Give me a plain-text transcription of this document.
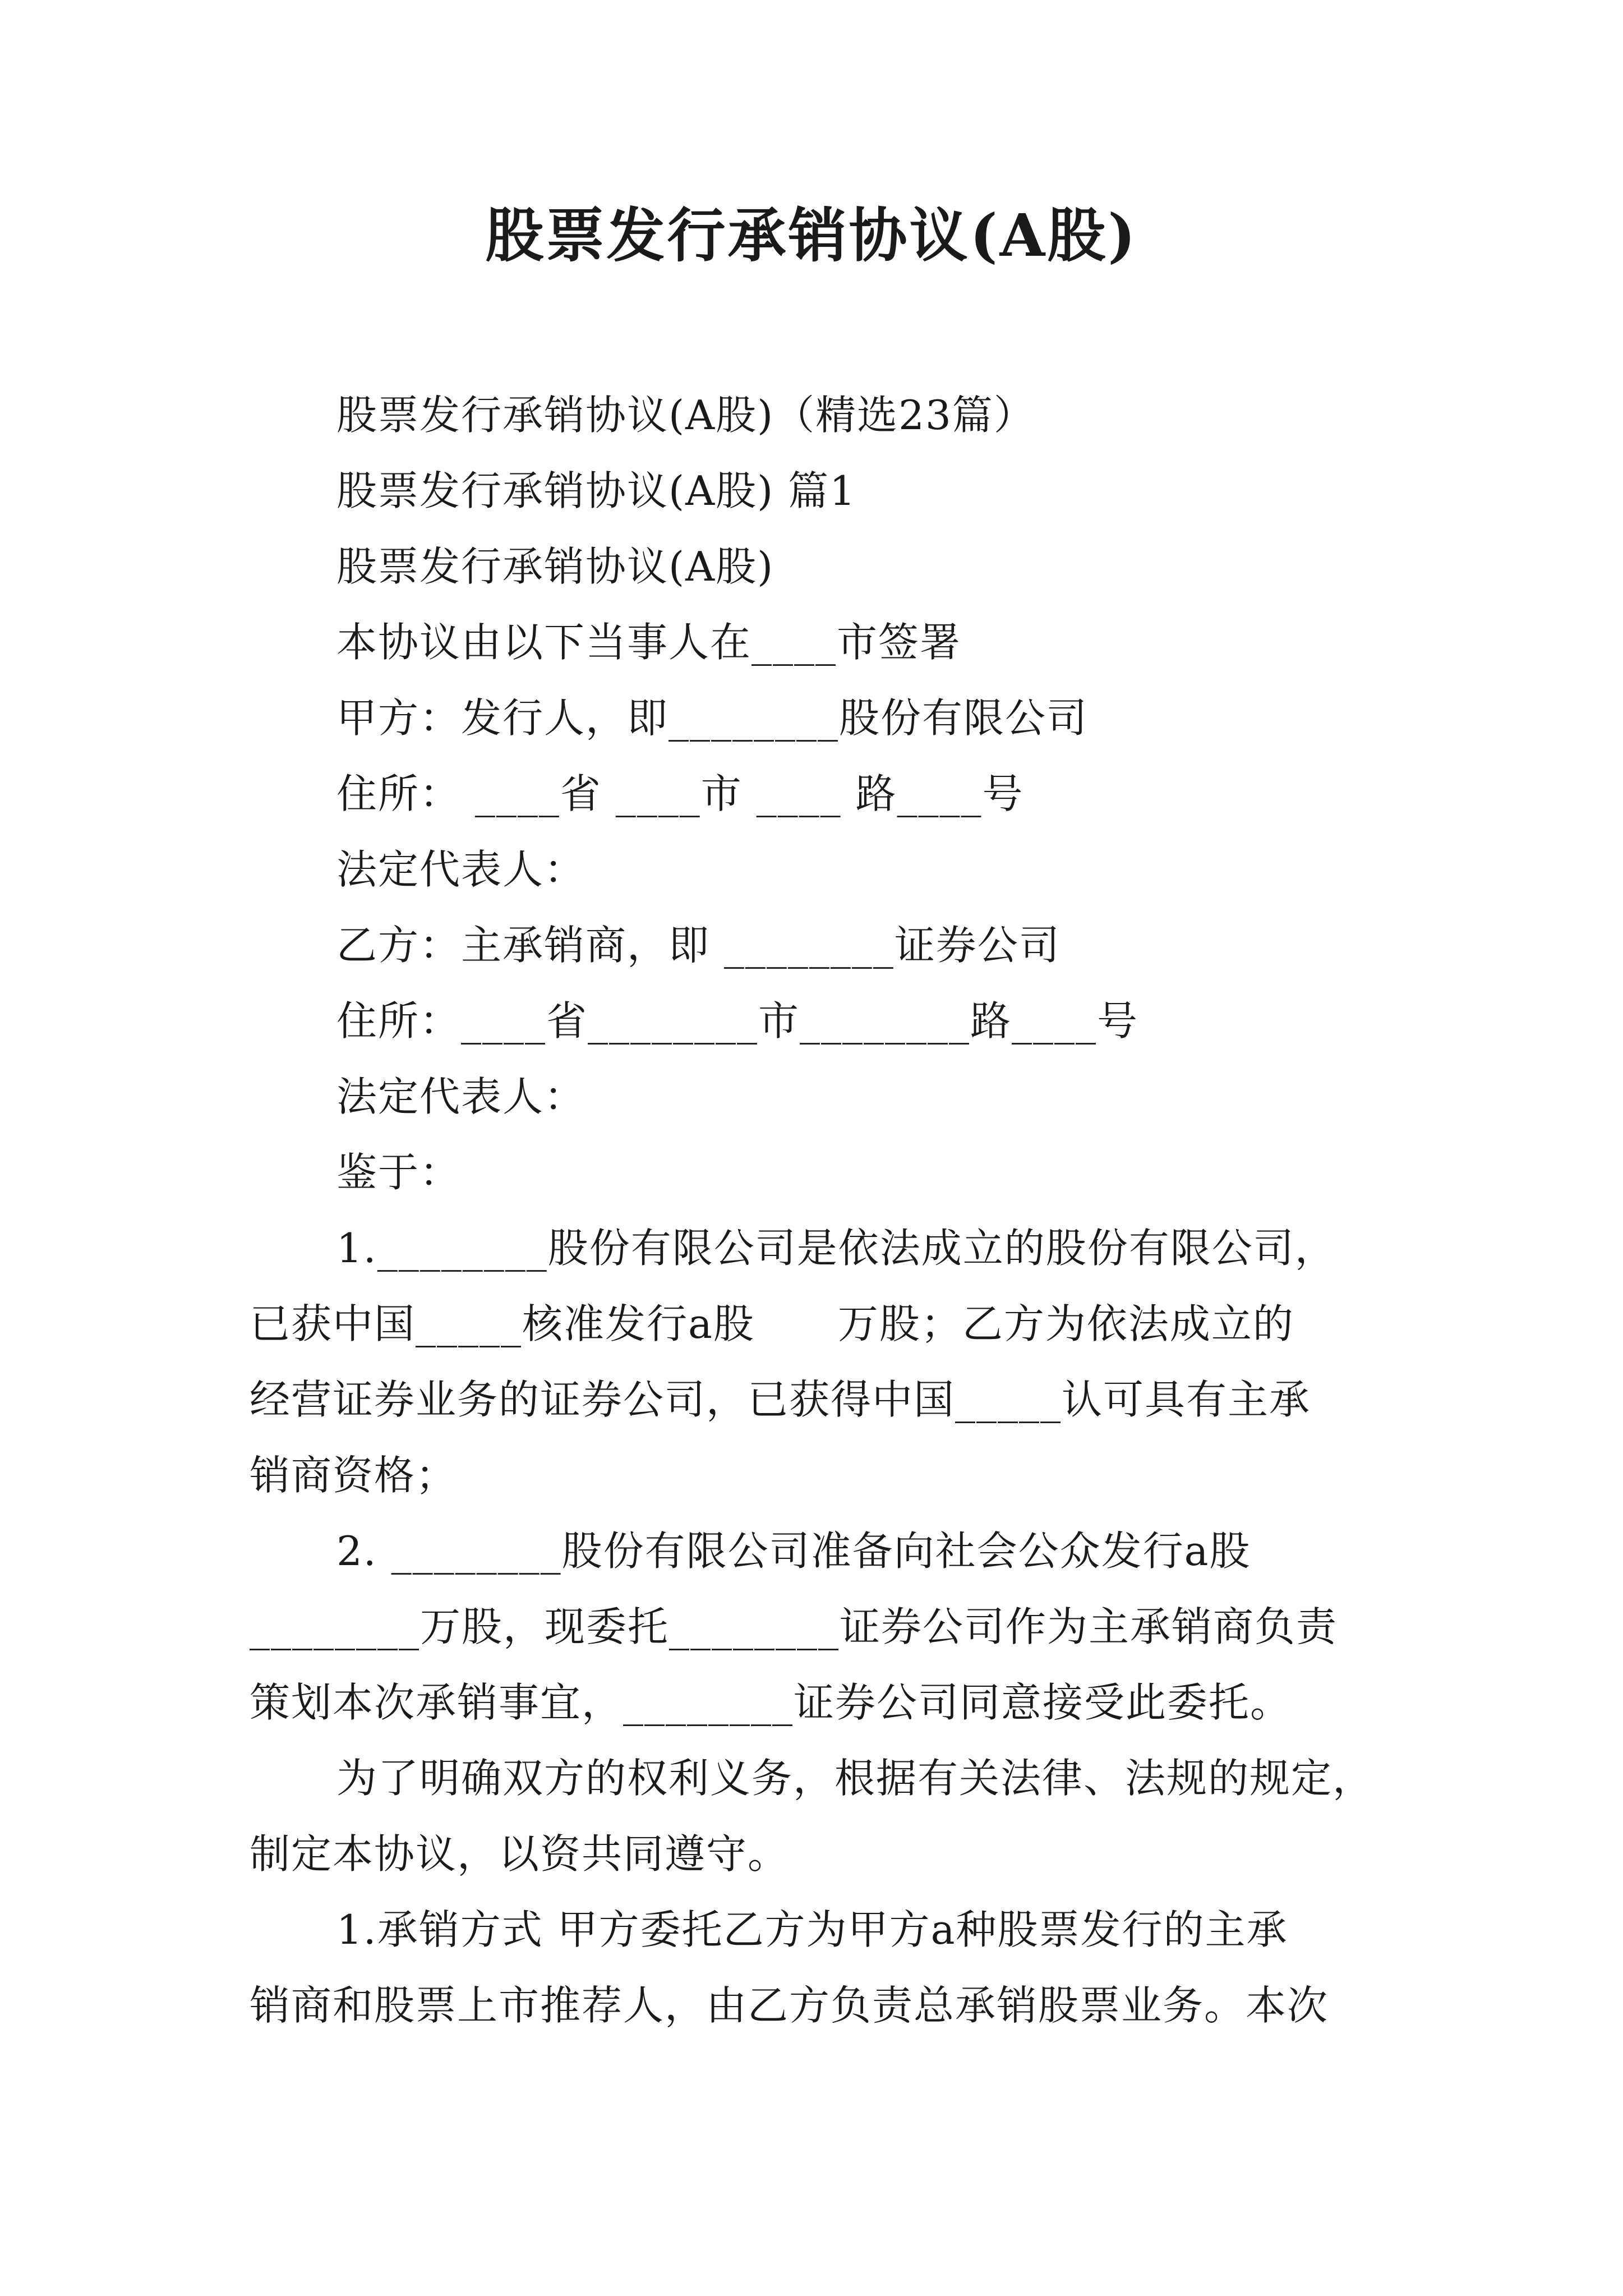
股票发行承销协议(A股)
股票发行承销协议(A股)（精选23篇）
股票发行承销协议(A股) 篇1
股票发行承销协议(A股)
本协议由以下当事人在____市签署
甲方：发行人，即________股份有限公司
住所： ____省 ____市 ____ 路____号
法定代表人：
乙方：主承销商，即 ________证券公司
住所：____省________市________路____号
法定代表人：
鉴于：
1.________股份有限公司是依法成立的股份有限公司，
已获中国_____核准发行a股　　万股；乙方为依法成立的
经营证券业务的证券公司，已获得中国_____认可具有主承
销商资格；
2. ________股份有限公司准备向社会公众发行a股
________万股，现委托________证券公司作为主承销商负责
策划本次承销事宜，________证券公司同意接受此委托。
为了明确双方的权利义务，根据有关法律、法规的规定，
制定本协议，以资共同遵守。
1.承销方式 甲方委托乙方为甲方a种股票发行的主承
销商和股票上市推荐人，由乙方负责总承销股票业务。本次
